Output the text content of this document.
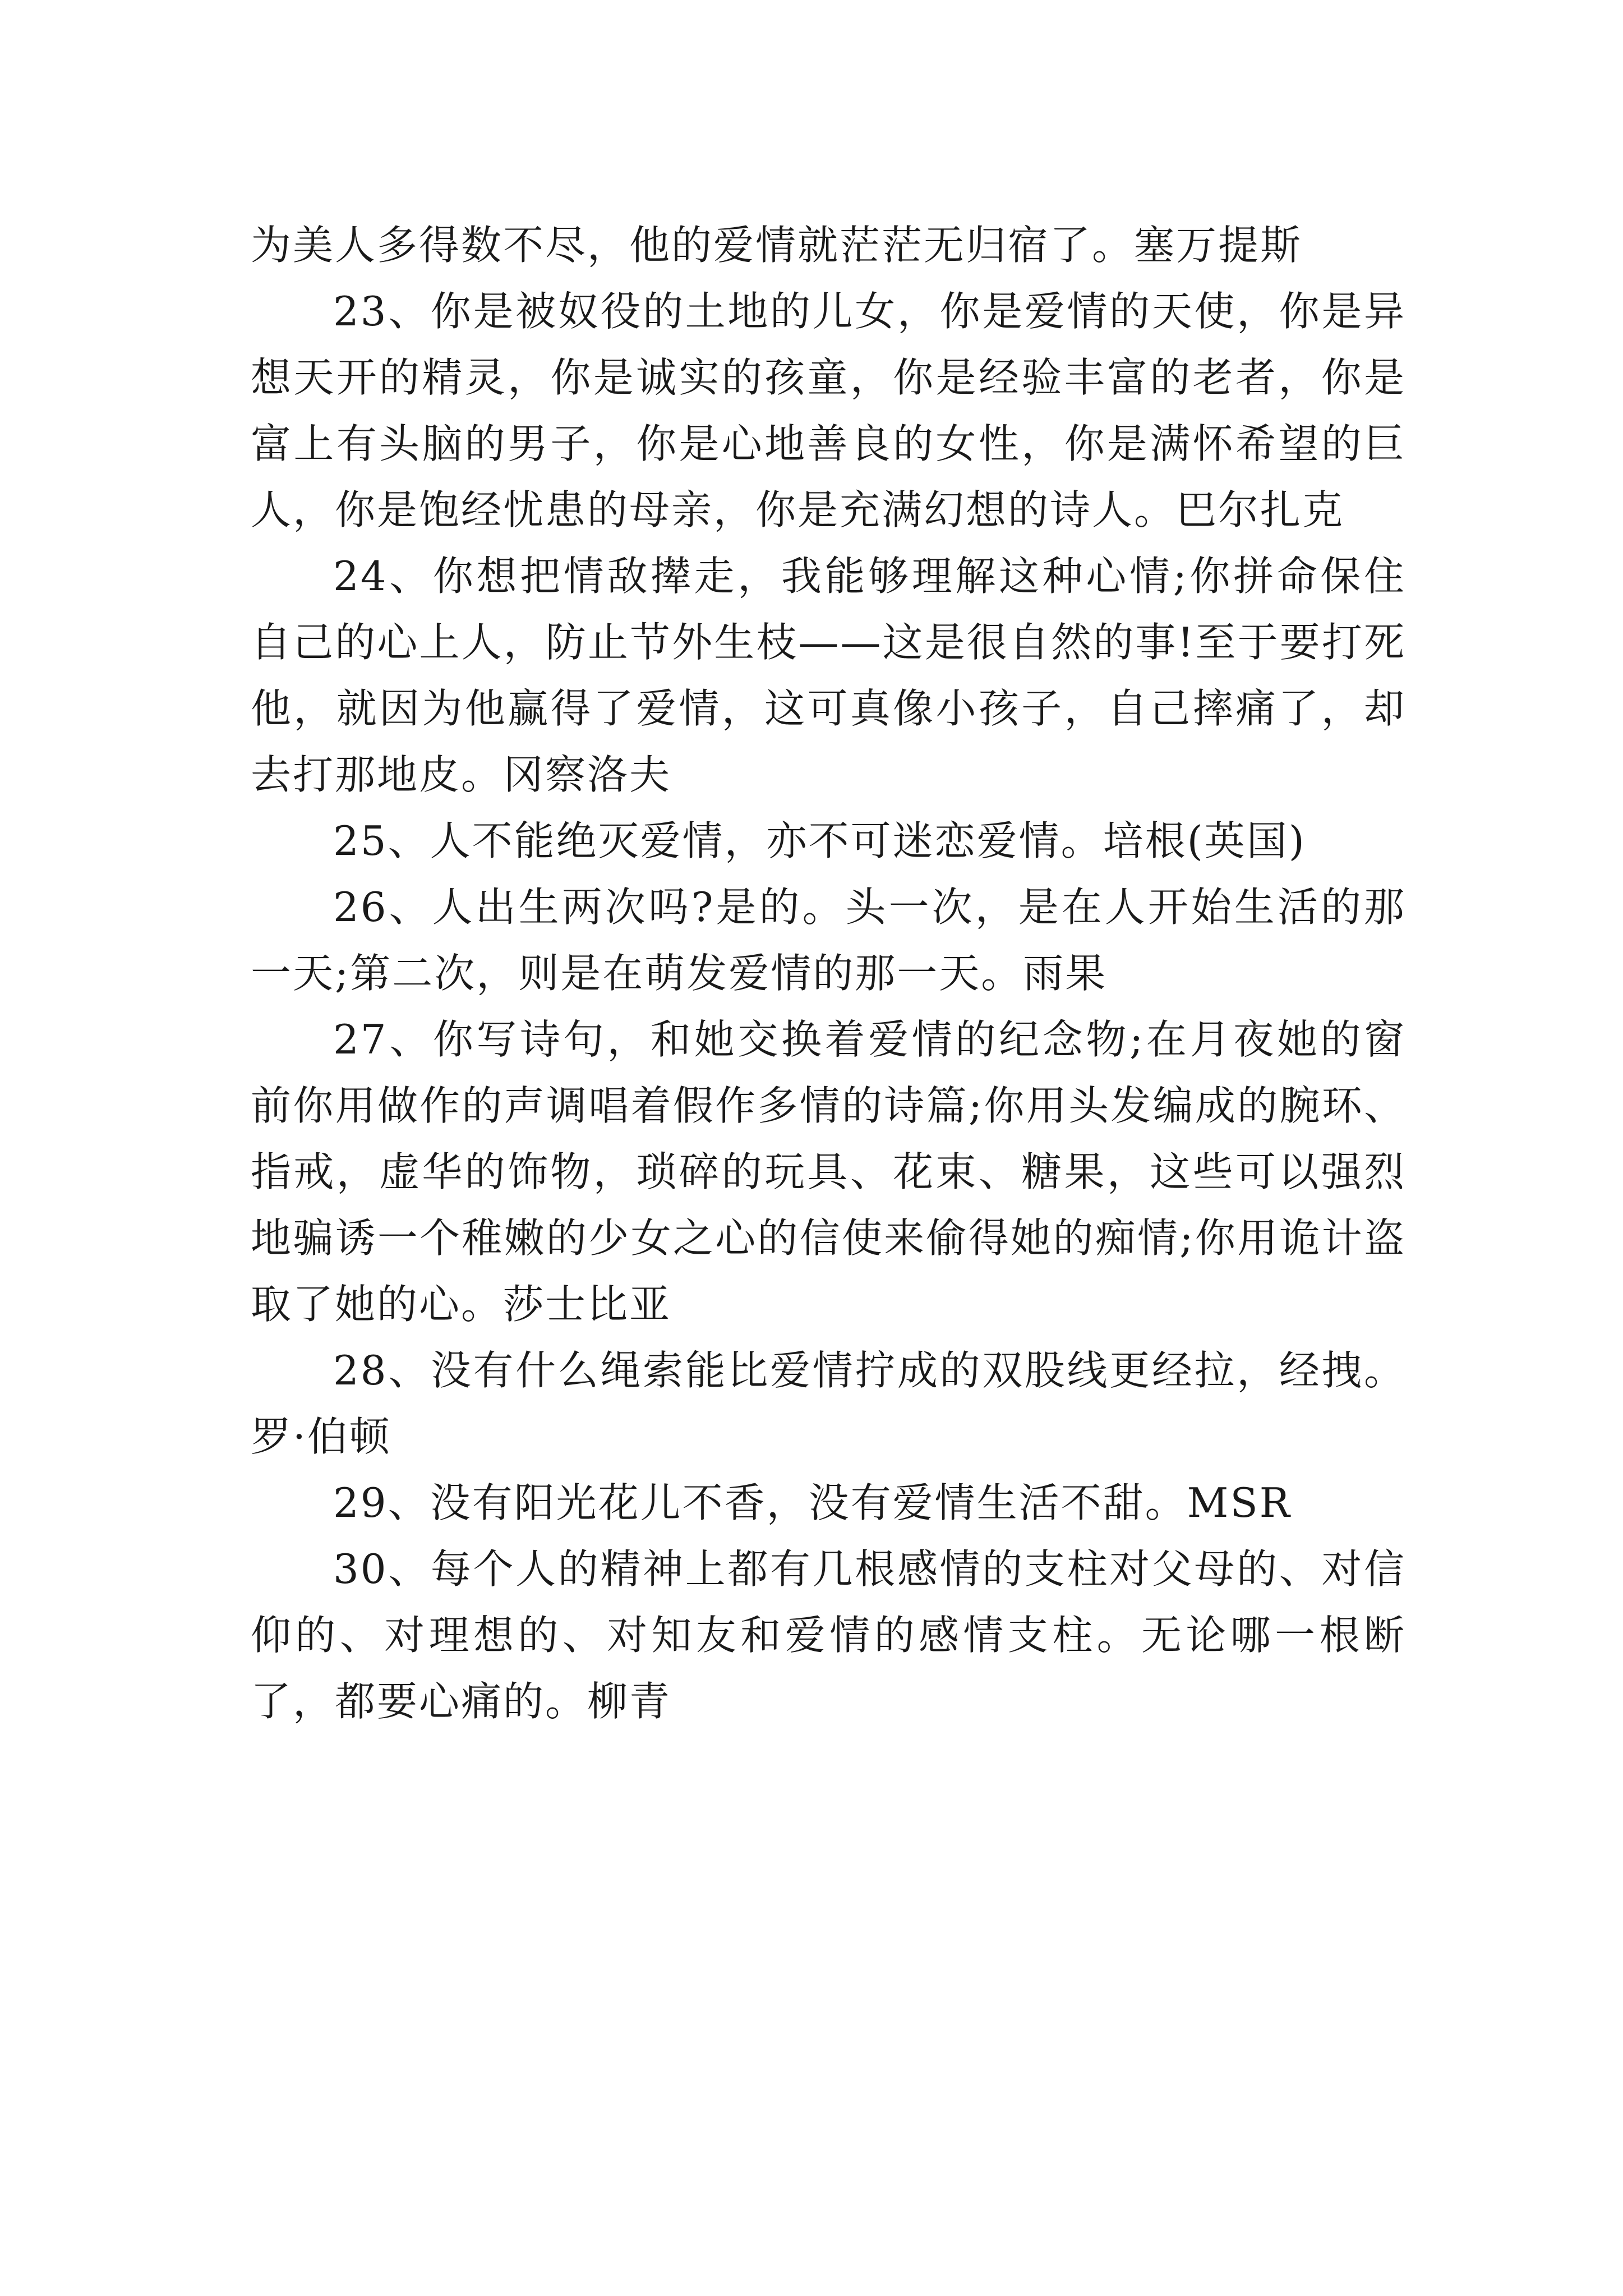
为美人多得数不尽，他的爱情就茫茫无归宿了。塞万提斯

23、你是被奴役的土地的儿女，你是爱情的天使，你是异想天开的精灵，你是诚实的孩童，你是经验丰富的老者，你是富上有头脑的男子，你是心地善良的女性，你是满怀希望的巨人，你是饱经忧患的母亲，你是充满幻想的诗人。巴尔扎克

24、你想把情敌撵走，我能够理解这种心情;你拼命保住自己的心上人，防止节外生枝——这是很自然的事!至于要打死他，就因为他赢得了爱情，这可真像小孩子，自己摔痛了，却去打那地皮。冈察洛夫

25、人不能绝灭爱情，亦不可迷恋爱情。培根(英国)

26、人出生两次吗?是的。头一次，是在人开始生活的那一天;第二次，则是在萌发爱情的那一天。雨果

27、你写诗句，和她交换着爱情的纪念物;在月夜她的窗前你用做作的声调唱着假作多情的诗篇;你用头发编成的腕环、指戒，虚华的饰物，琐碎的玩具、花束、糖果，这些可以强烈地骗诱一个稚嫩的少女之心的信使来偷得她的痴情;你用诡计盗取了她的心。莎士比亚

28、没有什么绳索能比爱情拧成的双股线更经拉，经拽。罗·伯顿

29、没有阳光花儿不香，没有爱情生活不甜。MSR

30、每个人的精神上都有几根感情的支柱对父母的、对信仰的、对理想的、对知友和爱情的感情支柱。无论哪一根断了，都要心痛的。柳青
